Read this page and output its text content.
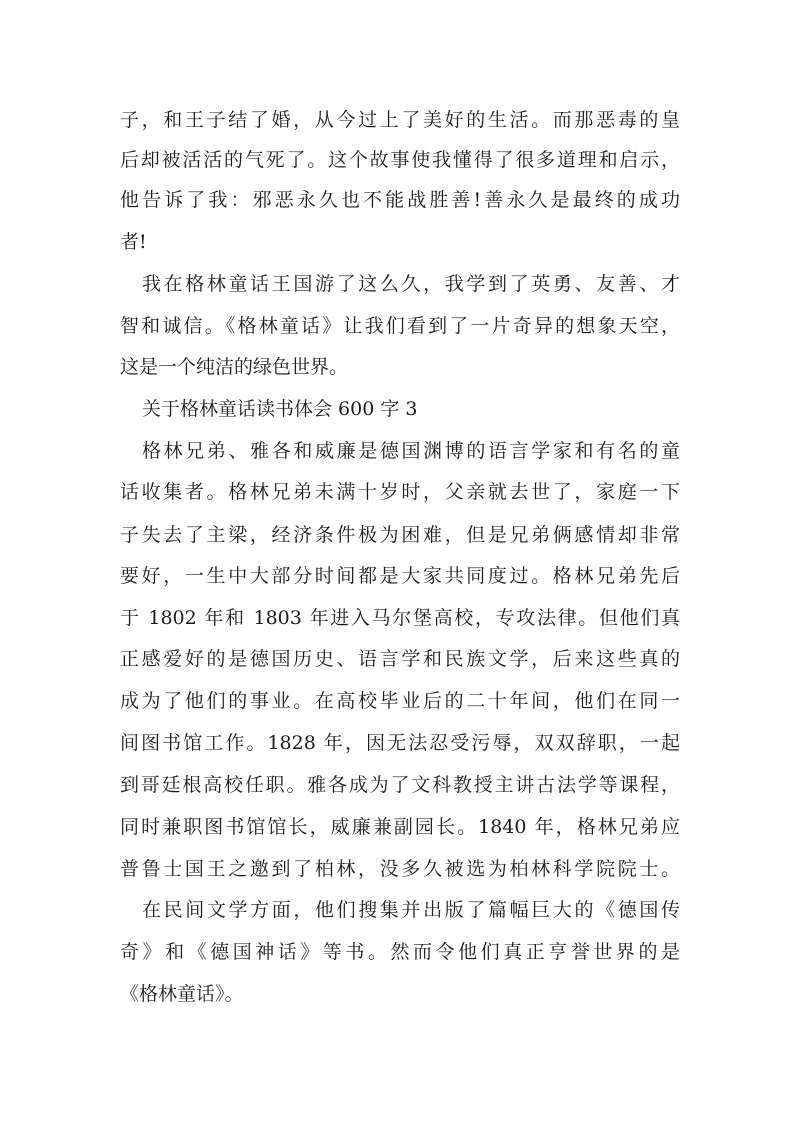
子，和王子结了婚，从今过上了美好的生活。而那恶毒的皇
后却被活活的气死了。这个故事使我懂得了很多道理和启示，
他告诉了我：邪恶永久也不能战胜善!善永久是最终的成功
者!
我在格林童话王国游了这么久，我学到了英勇、友善、才
智和诚信。《格林童话》让我们看到了一片奇异的想象天空，
这是一个纯洁的绿色世界。
关于格林童话读书体会 600 字 3
格林兄弟、雅各和威廉是德国渊博的语言学家和有名的童
话收集者。格林兄弟未满十岁时，父亲就去世了，家庭一下
子失去了主梁，经济条件极为困难，但是兄弟俩感情却非常
要好，一生中大部分时间都是大家共同度过。格林兄弟先后
于 1802 年和 1803 年进入马尔堡高校，专攻法律。但他们真
正感爱好的是德国历史、语言学和民族文学，后来这些真的
成为了他们的事业。在高校毕业后的二十年间，他们在同一
间图书馆工作。1828 年，因无法忍受污辱，双双辞职，一起
到哥廷根高校任职。雅各成为了文科教授主讲古法学等课程，
同时兼职图书馆馆长，威廉兼副园长。1840 年，格林兄弟应
普鲁士国王之邀到了柏林，没多久被选为柏林科学院院士。
在民间文学方面，他们搜集并出版了篇幅巨大的《德国传
奇》和《德国神话》等书。然而令他们真正亨誉世界的是
《格林童话》。
